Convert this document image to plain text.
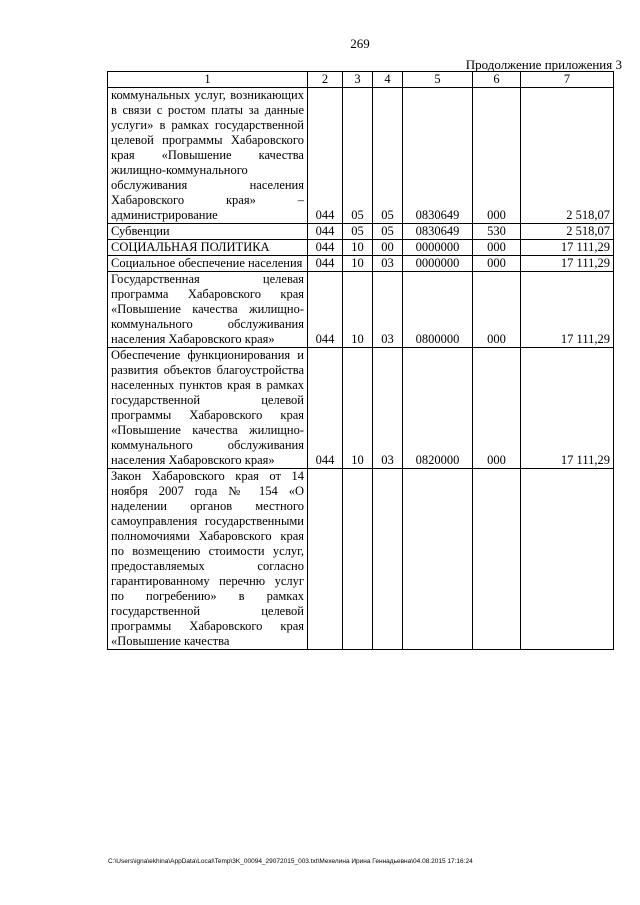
269
Продолжение приложения 3
1	2	3	4	5	6	7
коммунальных услуг, возникающих в связи с ростом платы за данные услуги» в рамках государственной целевой программы Хабаровского края «Повышение качества жилищно-коммунального обслуживания населения Хабаровского края» – администрирование	044	05	05	0830649	000	2 518,07
Субвенции	044	05	05	0830649	530	2 518,07
СОЦИАЛЬНАЯ ПОЛИТИКА	044	10	00	0000000	000	17 111,29
Социальное обеспечение населения	044	10	03	0000000	000	17 111,29
Государственная целевая программа Хабаровского края «Повышение качества жилищно-коммунального обслуживания населения Хабаровского края»	044	10	03	0800000	000	17 111,29
Обеспечение функционирования и развития объектов благоустройства населенных пунктов края в рамках государственной целевой программы Хабаровского края «Повышение качества жилищно-коммунального обслуживания населения Хабаровского края»	044	10	03	0820000	000	17 111,29
Закон Хабаровского края от 14 ноября 2007 года № 154 «О наделении органов местного самоуправления государственными полномочиями Хабаровского края по возмещению стоимости услуг, предоставляемых согласно гарантированному перечню услуг по погребению» в рамках государственной целевой программы Хабаровского края «Повышение качества						
C:\Users\igna\ekhina\AppData\Local\Temp\3K_00094_29072015_003.txt\Мехелина Ирина Геннадьевна\04.08.2015 17:16:24
